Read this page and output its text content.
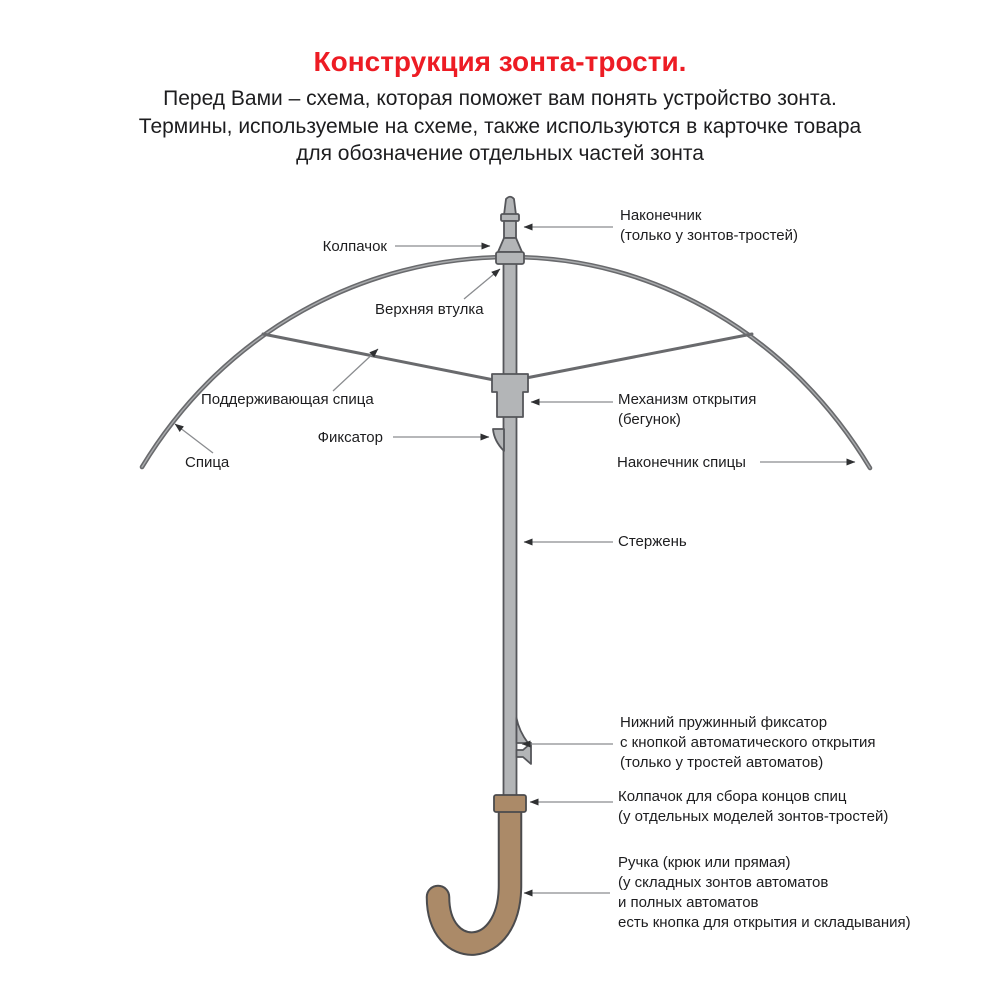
Конструкция зонта-трости.
Перед Вами – схема, которая поможет вам понять устройство зонта.
Термины, используемые на схеме, также используются в карточке товара
для обозначение отдельных частей зонта
Наконечник
(только у зонтов-тростей)
Колпачок
Верхняя втулка
Поддерживающая спица	Механизм открытия
(бегунок)
Фиксатор
Спица	Наконечник спицы
Стержень
Нижний пружинный фиксатор
с кнопкой автоматического открытия
(только у тростей автоматов)
Колпачок для сбора концов спиц
(у отдельных моделей зонтов-тростей)
Ручка (крюк или прямая)
(у складных зонтов автоматов
и полных автоматов
есть кнопка для открытия и складывания)
